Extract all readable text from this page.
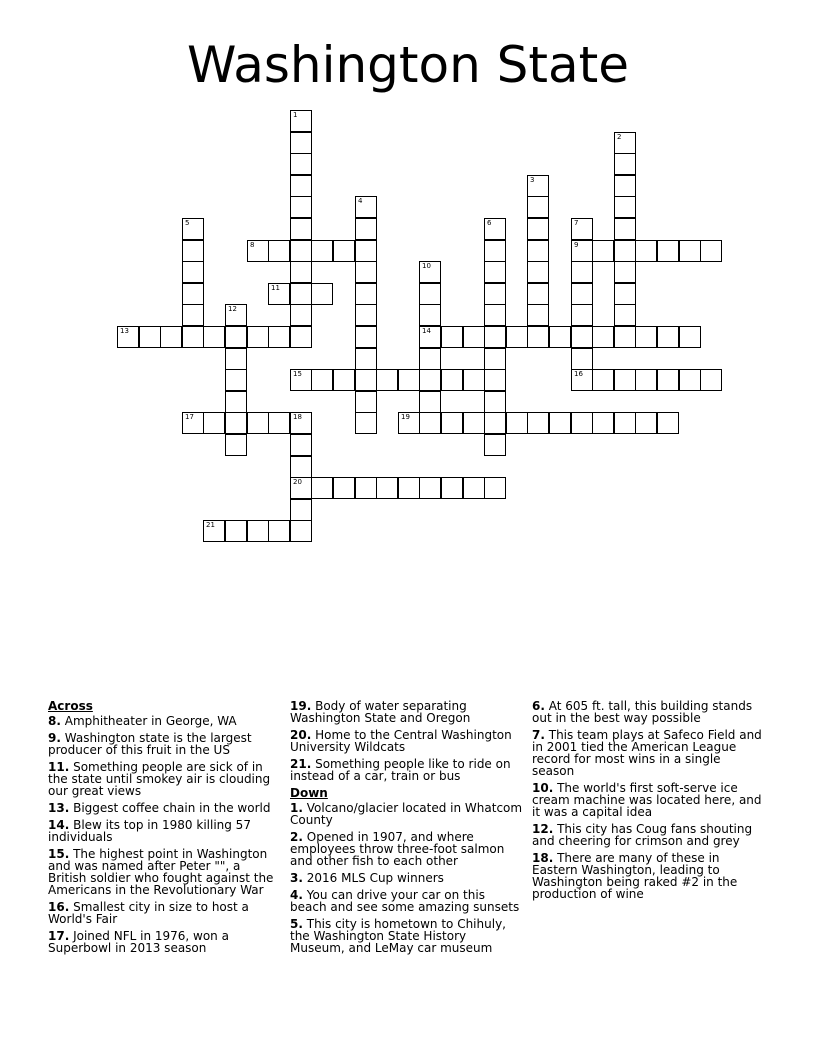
Washington State
1
2
3
4
5	6	7
9
16
8
10
14
11
12
13
15
17	18
20
19
21
Across
8. Amphitheater in George, WA
9. Washington state is the largest producer of this fruit in the US
11. Something people are sick of in the state until smokey air is clouding our great views
13. Biggest coffee chain in the world
14. Blew its top in 1980 killing 57 individuals
15. The highest point in Washington and was named after Peter "", a British soldier who fought against the Americans in the Revolutionary War
16. Smallest city in size to host a World's Fair
17. Joined NFL in 1976, won a Superbowl in 2013 season
19. Body of water separating Washington State and Oregon
20. Home to the Central Washington University Wildcats
21. Something people like to ride on instead of a car, train or bus
Down
1. Volcano/glacier located in Whatcom County
2. Opened in 1907, and where employees throw three-foot salmon and other fish to each other
3. 2016 MLS Cup winners
4. You can drive your car on this beach and see some amazing sunsets
5. This city is hometown to Chihuly, the Washington State History Museum, and LeMay car museum
6. At 605 ft. tall, this building stands out in the best way possible
7. This team plays at Safeco Field and in 2001 tied the American League record for most wins in a single season
10. The world's first soft-serve ice cream machine was located here, and it was a capital idea
12. This city has Coug fans shouting and cheering for crimson and grey
18. There are many of these in Eastern Washington, leading to Washington being raked #2 in the production of wine
